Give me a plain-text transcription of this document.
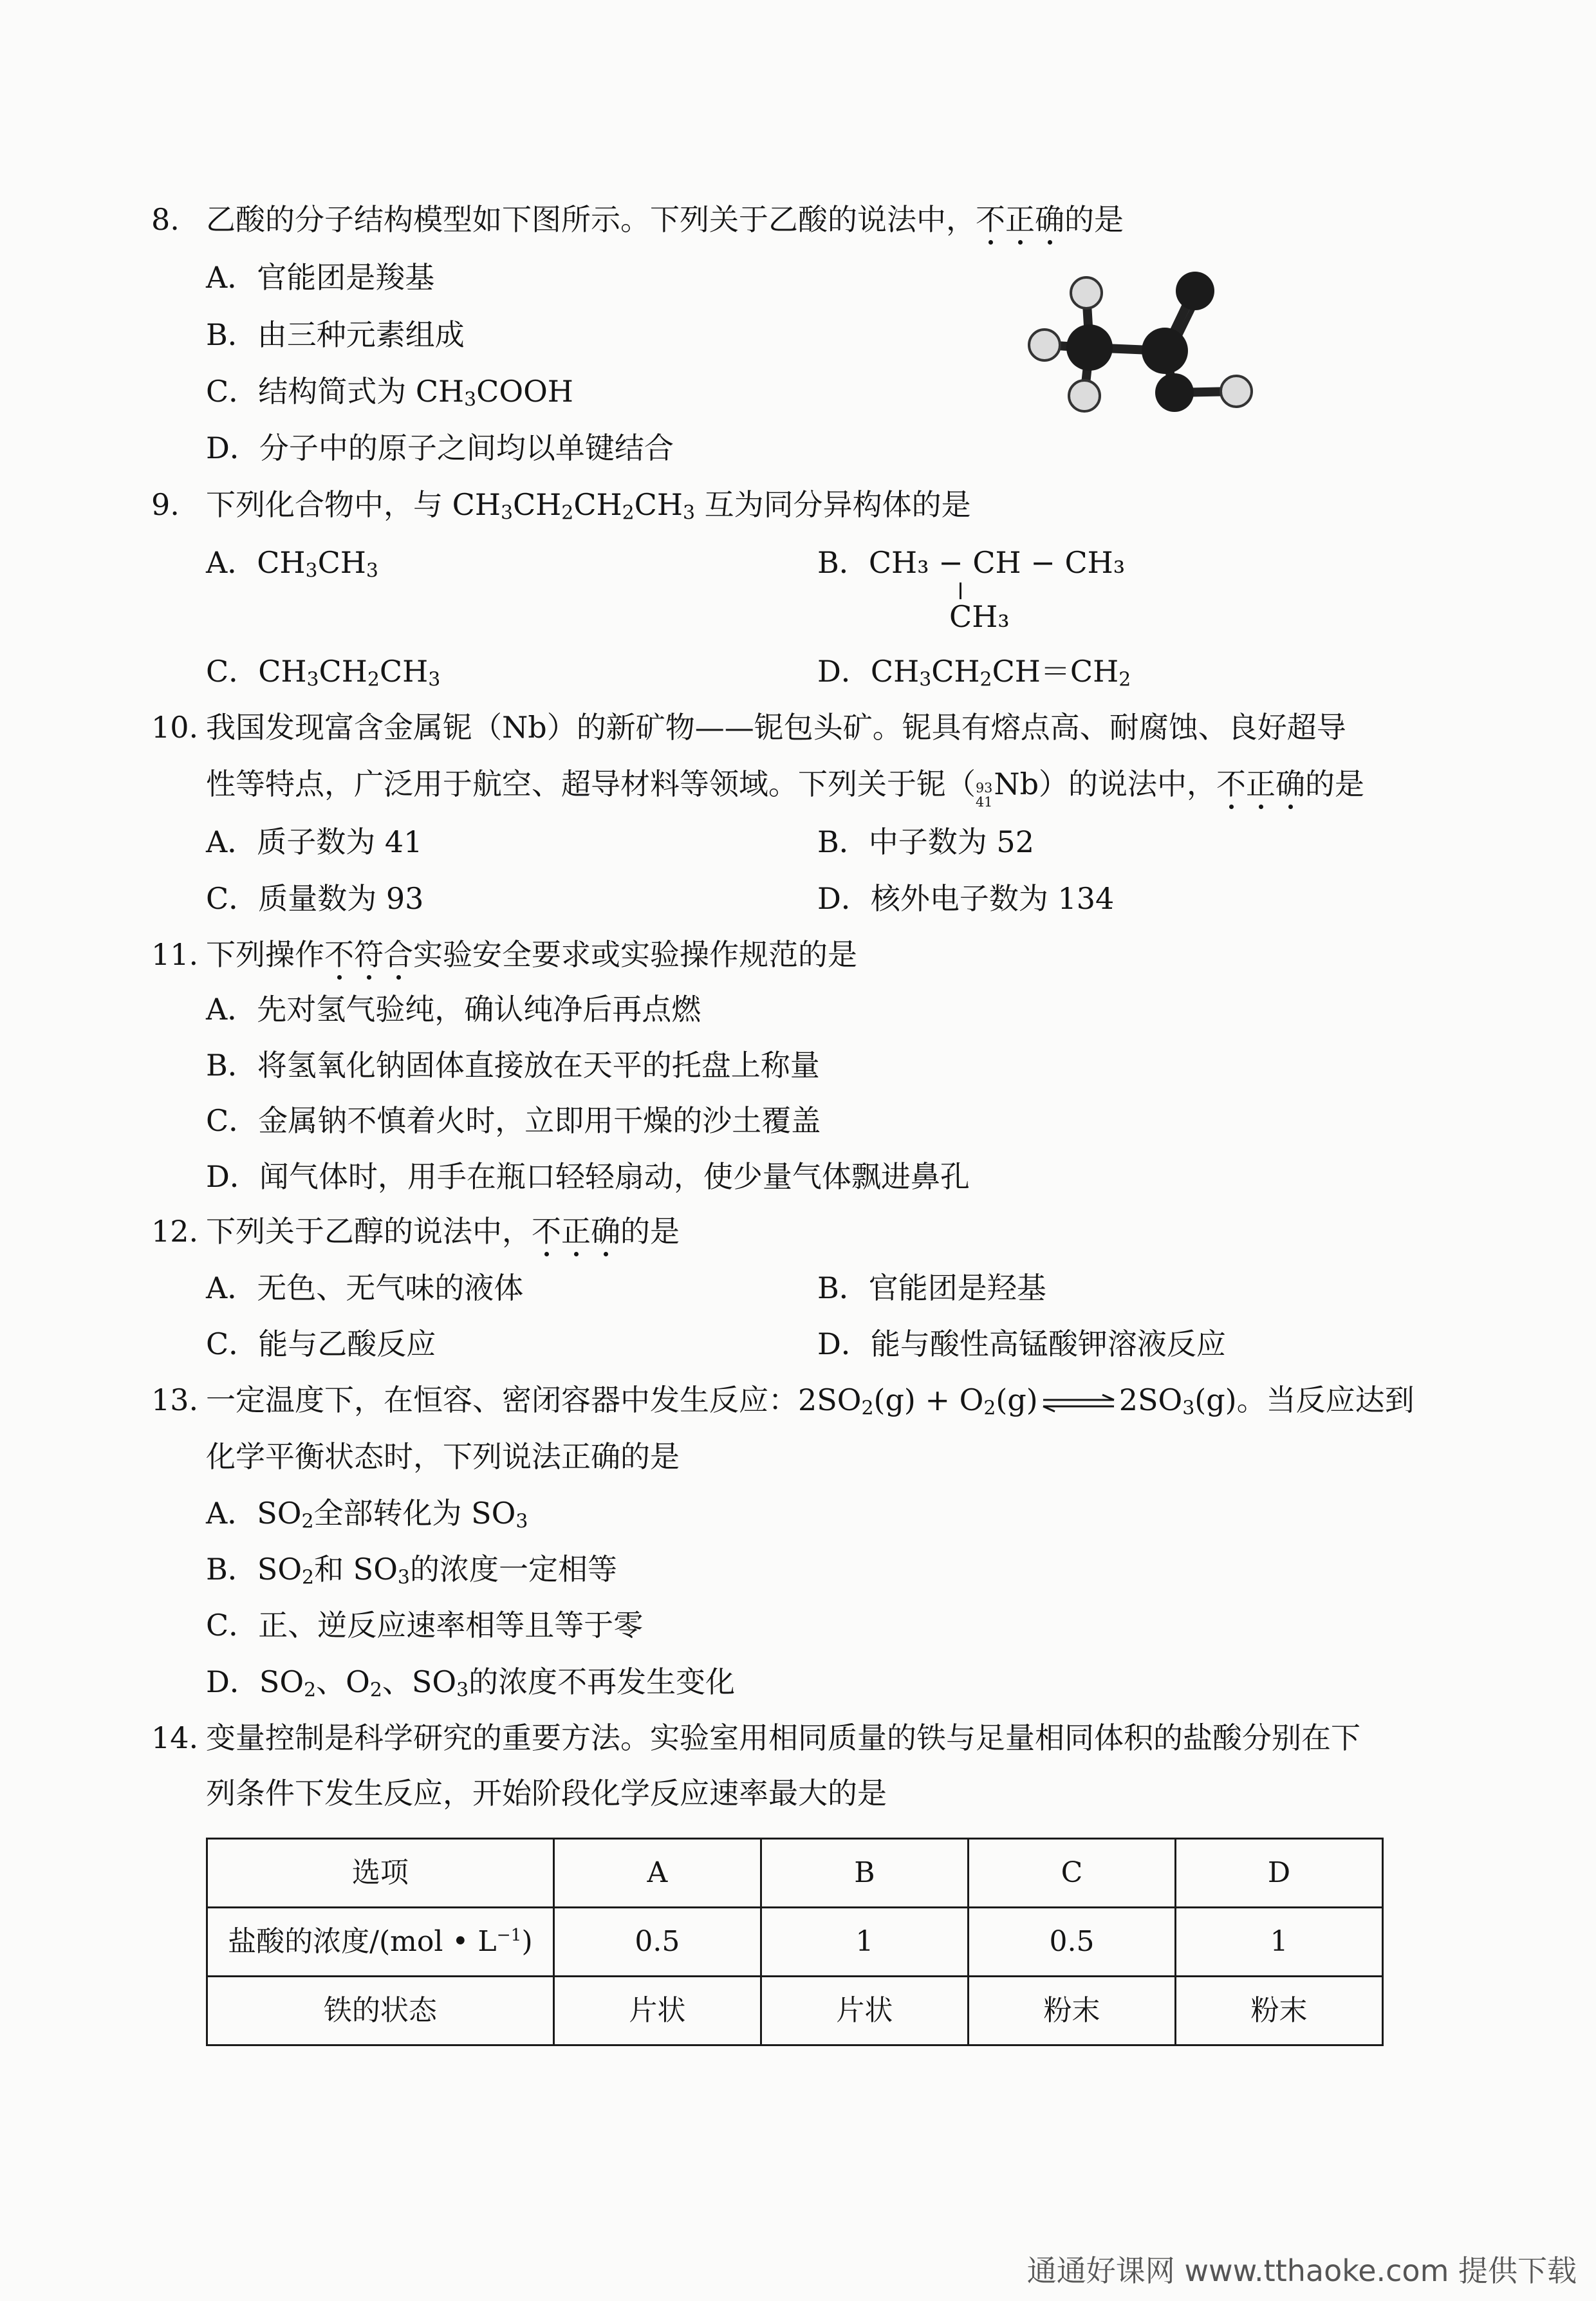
8. 乙酸的分子结构模型如下图所示。下列关于乙酸的说法中，不正确的是
A．官能团是羧基
B．由三种元素组成
C．结构简式为 $CH_3COOH$
D．分子中的原子之间均以单键结合
9. 下列化合物中，与 $CH_3CH_2CH_2CH_3$ 互为同分异构体的是
A．$CH_3CH_3$	B．CH₃ − CH − CH₃
CH₃
C．$CH_3CH_2CH_3$	D．$CH_3CH_2CH=CH_2$
10. 我国发现富含金属铌（Nb）的新矿物——铌包头矿。铌具有熔点高、耐腐蚀、良好超导
性等特点，广泛用于航空、超导材料等领域。下列关于铌（ 93
41
Nb）的说法中，不正确的是
A．质子数为 41	B．中子数为 52
C．质量数为 93	D．核外电子数为 134
11. 下列操作不符合实验安全要求或实验操作规范的是
A．先对氢气验纯，确认纯净后再点燃
B．将氢氧化钠固体直接放在天平的托盘上称量
C．金属钠不慎着火时，立即用干燥的沙土覆盖
D．闻气体时，用手在瓶口轻轻扇动，使少量气体飘进鼻孔
12. 下列关于乙醇的说法中，不正确的是
A．无色、无气味的液体	B．官能团是羟基
C．能与乙酸反应	D．能与酸性高锰酸钾溶液反应
13. 一定温度下，在恒容、密闭容器中发生反应：$2SO_2(g) + O_2(g)$ ⇌ $2SO_3(g)$。当反应达到
化学平衡状态时，下列说法正确的是
A．$SO_2$全部转化为 $SO_3$
B．$SO_2$和 $SO_3$的浓度一定相等
C．正、逆反应速率相等且等于零
D．$SO_2$、$O_2$、$SO_3$的浓度不再发生变化
14. 变量控制是科学研究的重要方法。实验室用相同质量的铁与足量相同体积的盐酸分别在下
列条件下发生反应，开始阶段化学反应速率最大的是
选项	A	B	C	D
盐酸的浓度/(mol • $L^{-1}$)	0.5	1	0.5	1
铁的状态	片状	片状	粉末	粉末
通通好课网 www.tthaoke.com 提供下载
